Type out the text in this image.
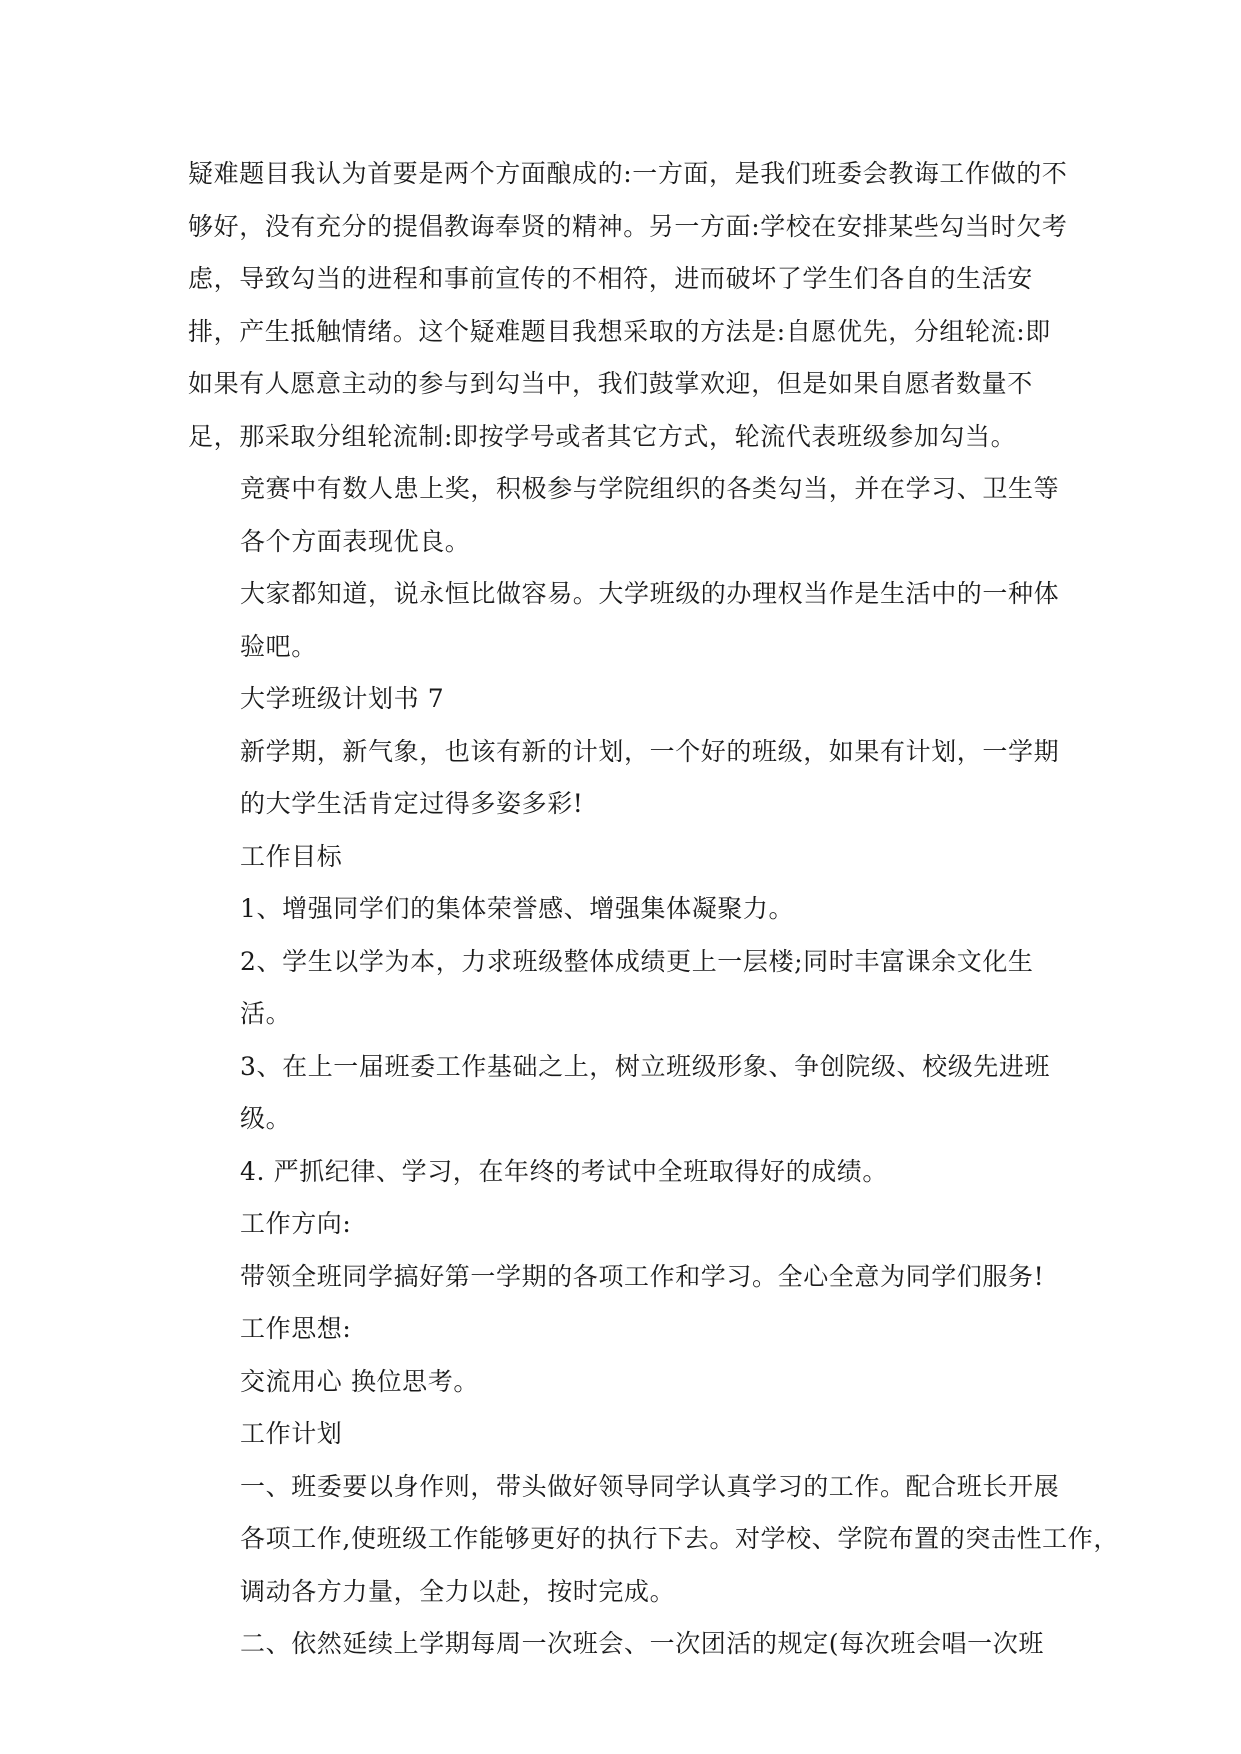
疑难题目我认为首要是两个方面酿成的:一方面，是我们班委会教诲工作做的不
够好，没有充分的提倡教诲奉贤的精神。另一方面:学校在安排某些勾当时欠考
虑，导致勾当的进程和事前宣传的不相符，进而破坏了学生们各自的生活安
排，产生抵触情绪。这个疑难题目我想采取的方法是:自愿优先，分组轮流:即
如果有人愿意主动的参与到勾当中，我们鼓掌欢迎，但是如果自愿者数量不
足，那采取分组轮流制:即按学号或者其它方式，轮流代表班级参加勾当。

竞赛中有数人患上奖，积极参与学院组织的各类勾当，并在学习、卫生等
各个方面表现优良。

大家都知道，说永恒比做容易。大学班级的办理权当作是生活中的一种体
验吧。

大学班级计划书 7

新学期，新气象，也该有新的计划，一个好的班级，如果有计划，一学期
的大学生活肯定过得多姿多彩!

工作目标

1、增强同学们的集体荣誉感、增强集体凝聚力。

2、学生以学为本，力求班级整体成绩更上一层楼;同时丰富课余文化生
活。

3、在上一届班委工作基础之上，树立班级形象、争创院级、校级先进班
级。

4. 严抓纪律、学习，在年终的考试中全班取得好的成绩。

工作方向:

带领全班同学搞好第一学期的各项工作和学习。全心全意为同学们服务!

工作思想:

交流用心 换位思考。

工作计划

一、班委要以身作则，带头做好领导同学认真学习的工作。配合班长开展
各项工作,使班级工作能够更好的执行下去。对学校、学院布置的突击性工作，
调动各方力量，全力以赴，按时完成。

二、依然延续上学期每周一次班会、一次团活的规定(每次班会唱一次班
